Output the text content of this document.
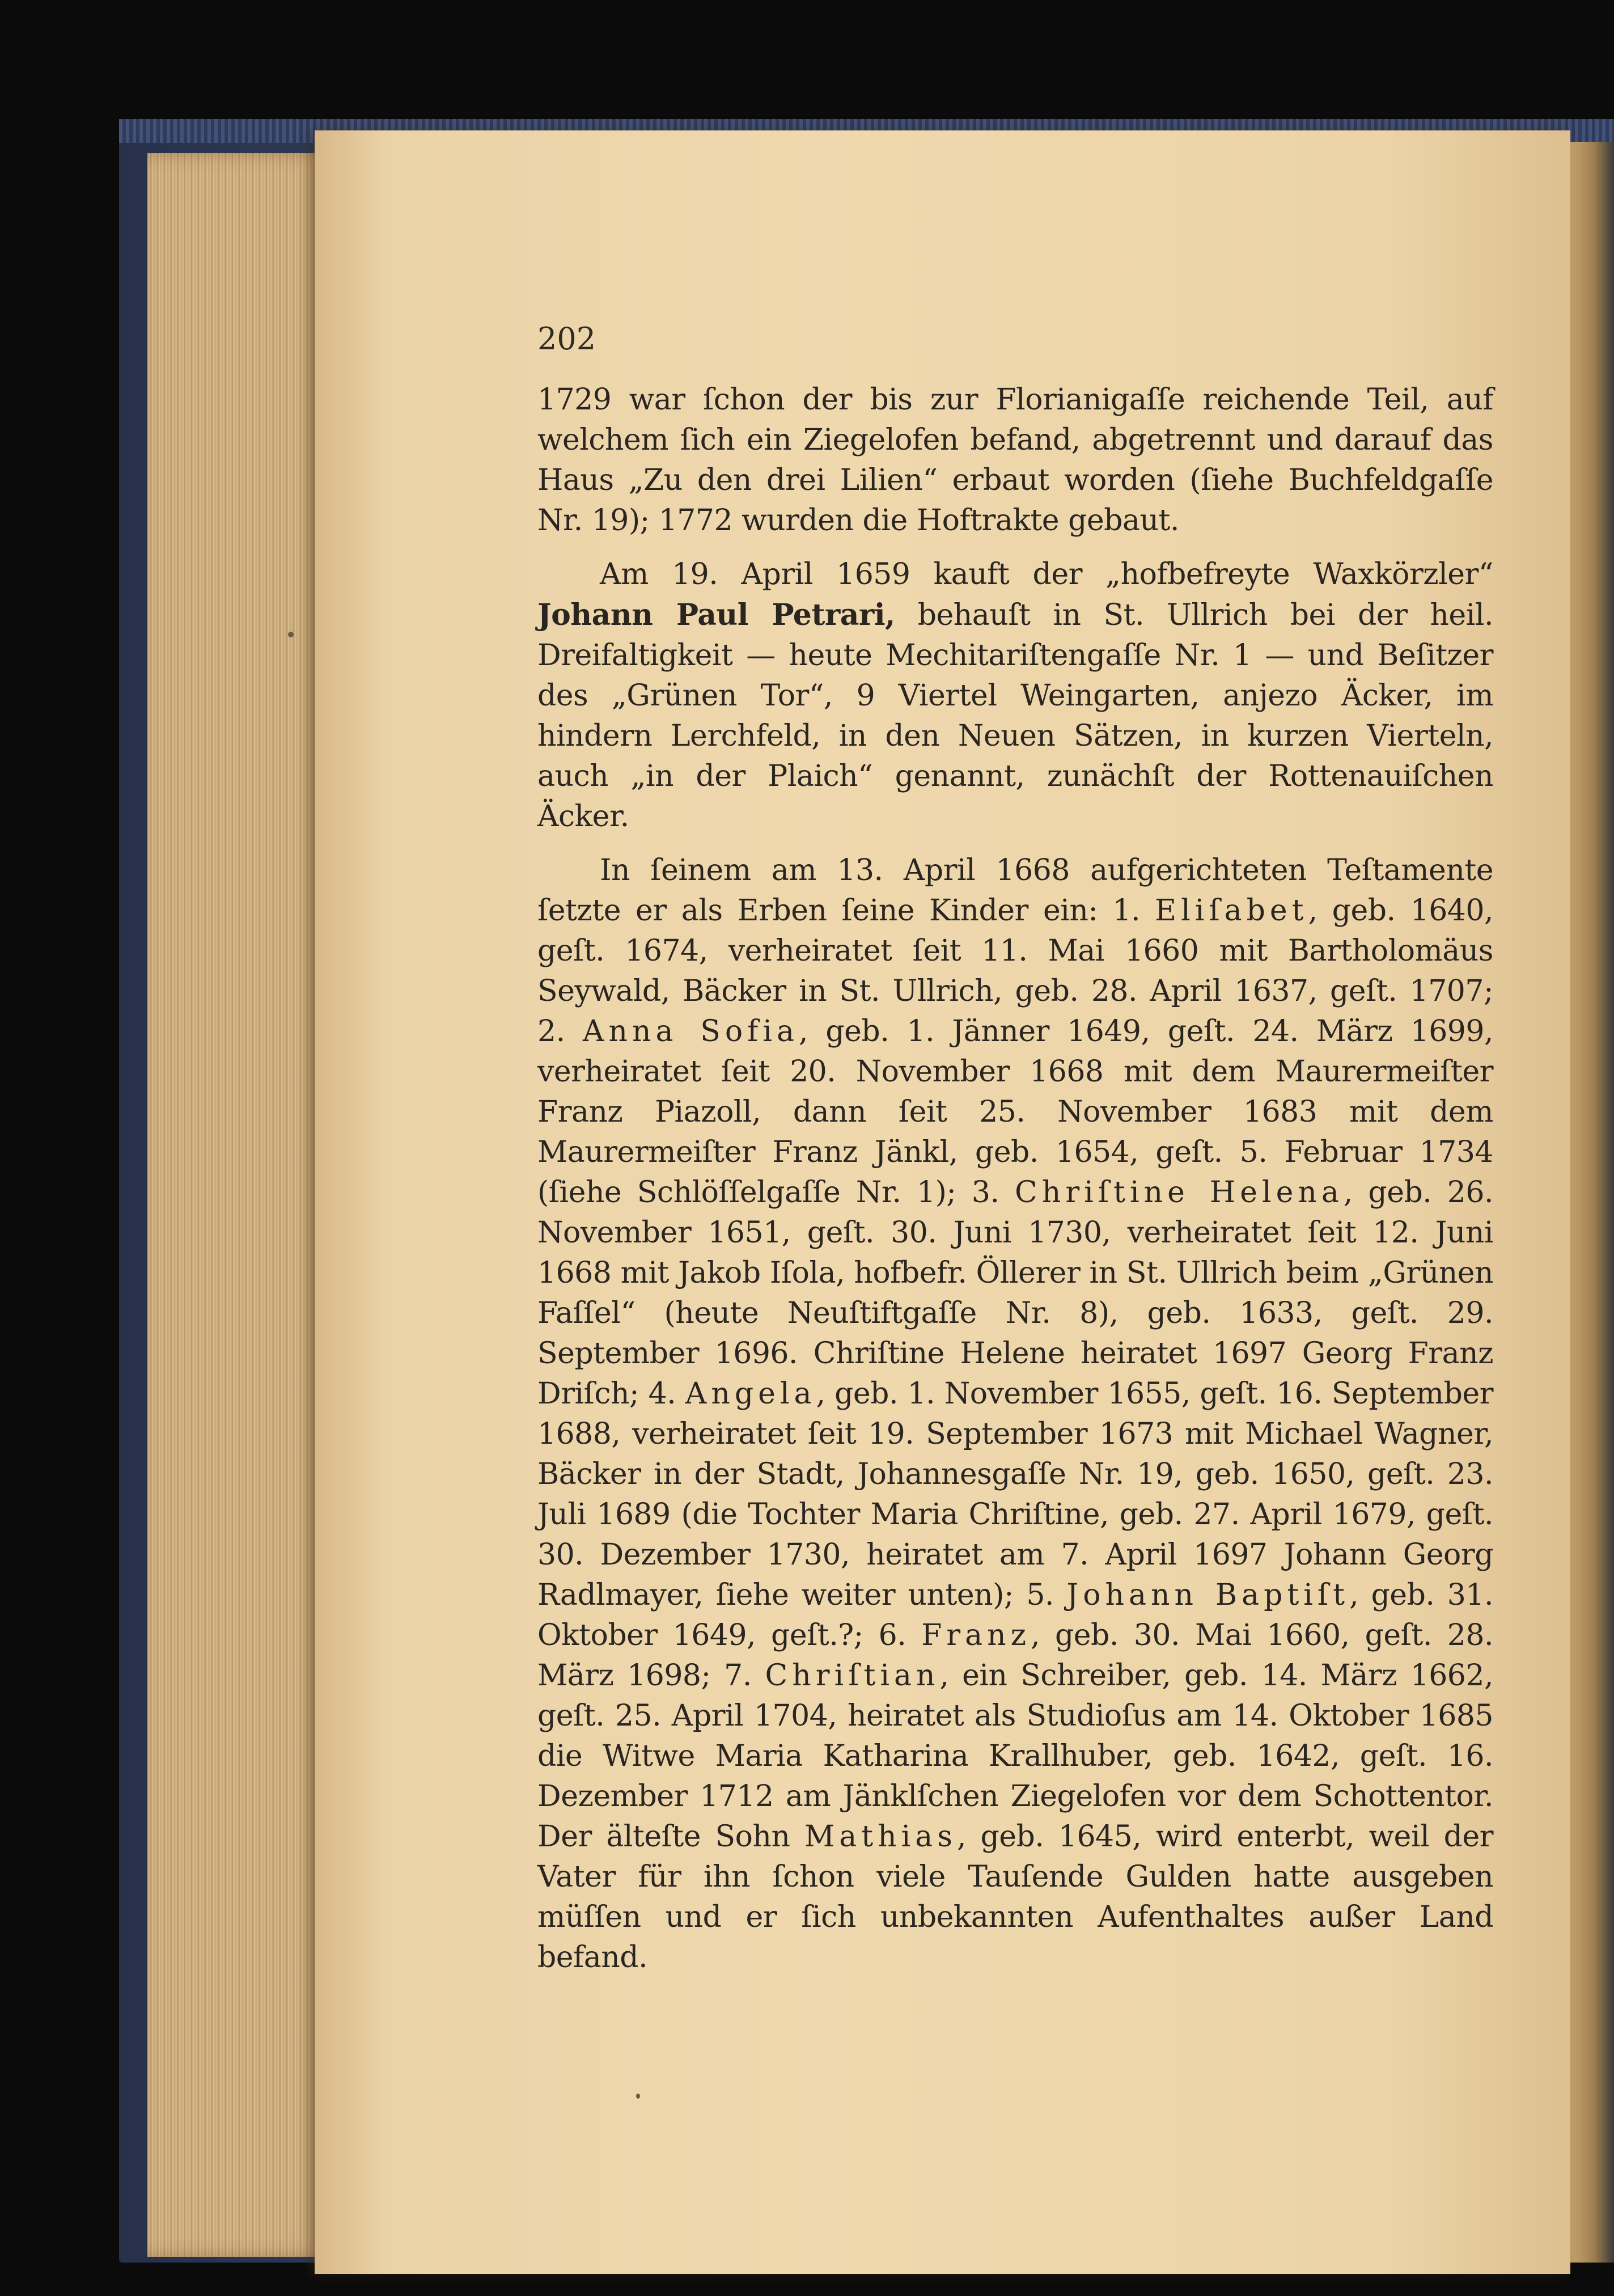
202

1729 war ſchon der bis zur Florianigaſſe reichende Teil, auf welchem ſich ein Ziegelofen befand, abgetrennt und darauf das Haus „Zu den drei Lilien“ erbaut worden (ſiehe Buchfeldgaſſe Nr. 19); 1772 wurden die Hoftrakte gebaut.

Am 19. April 1659 kauft der „hofbefreyte Waxkörzler“ Johann Paul Petrari, behauſt in St. Ullrich bei der heil. Dreifaltigkeit — heute Mechitariſtengaſſe Nr. 1 — und Beſitzer des „Grünen Tor“, 9 Viertel Weingarten, anjezo Äcker, im hindern Lerchfeld, in den Neuen Sätzen, in kurzen Vierteln, auch „in der Plaich“ genannt, zunächſt der Rottenauiſchen Äcker.

In ſeinem am 13. April 1668 aufgerichteten Teſtamente ſetzte er als Erben ſeine Kinder ein: 1. Eliſabet, geb. 1640, geſt. 1674, verheiratet ſeit 11. Mai 1660 mit Bartholomäus Seywald, Bäcker in St. Ullrich, geb. 28. April 1637, geſt. 1707; 2. Anna Sofia, geb. 1. Jänner 1649, geſt. 24. März 1699, verheiratet ſeit 20. November 1668 mit dem Maurermeiſter Franz Piazoll, dann ſeit 25. November 1683 mit dem Maurermeiſter Franz Jänkl, geb. 1654, geſt. 5. Februar 1734 (ſiehe Schlöſſelgaſſe Nr. 1); 3. Chriſtine Helena, geb. 26. November 1651, geſt. 30. Juni 1730, verheiratet ſeit 12. Juni 1668 mit Jakob Iſola, hofbefr. Öllerer in St. Ullrich beim „Grünen Faſſel“ (heute Neuſtiftgaſſe Nr. 8), geb. 1633, geſt. 29. September 1696. Chriſtine Helene heiratet 1697 Georg Franz Driſch; 4. Angela, geb. 1. November 1655, geſt. 16. September 1688, verheiratet ſeit 19. September 1673 mit Michael Wagner, Bäcker in der Stadt, Johannesgaſſe Nr. 19, geb. 1650, geſt. 23. Juli 1689 (die Tochter Maria Chriſtine, geb. 27. April 1679, geſt. 30. Dezember 1730, heiratet am 7. April 1697 Johann Georg Radlmayer, ſiehe weiter unten); 5. Johann Baptiſt, geb. 31. Oktober 1649, geſt.?; 6. Franz, geb. 30. Mai 1660, geſt. 28. März 1698; 7. Chriſtian, ein Schreiber, geb. 14. März 1662, geſt. 25. April 1704, heiratet als Studioſus am 14. Oktober 1685 die Witwe Maria Katharina Krallhuber, geb. 1642, geſt. 16. Dezember 1712 am Jänklſchen Ziegelofen vor dem Schottentor. Der älteſte Sohn Mathias, geb. 1645, wird enterbt, weil der Vater für ihn ſchon viele Tauſende Gulden hatte ausgeben müſſen und er ſich unbekannten Aufenthaltes außer Land befand.
